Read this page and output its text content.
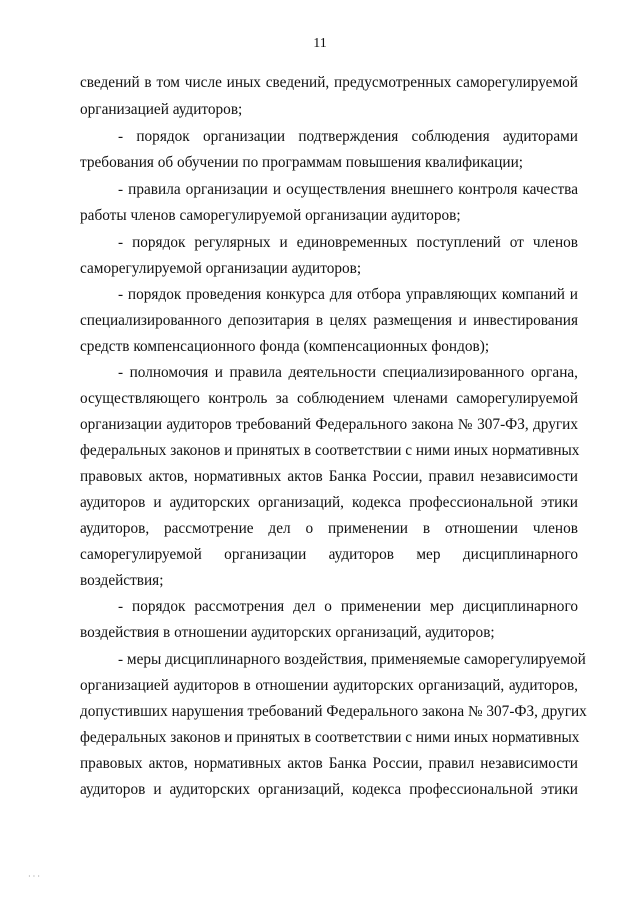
11
сведений в том числе иных сведений, предусмотренных саморегулируемой
организацией аудиторов;
- порядок организации подтверждения соблюдения аудиторами
требования об обучении по программам повышения квалификации;
- правила организации и осуществления внешнего контроля качества
работы членов саморегулируемой организации аудиторов;
- порядок регулярных и единовременных поступлений от членов
саморегулируемой организации аудиторов;
- порядок проведения конкурса для отбора управляющих компаний и
специализированного депозитария в целях размещения и инвестирования
средств компенсационного фонда (компенсационных фондов);
- полномочия и правила деятельности специализированного органа,
осуществляющего контроль за соблюдением членами саморегулируемой
организации аудиторов требований Федерального закона № 307-ФЗ, других
федеральных законов и принятых в соответствии с ними иных нормативных
правовых актов, нормативных актов Банка России, правил независимости
аудиторов и аудиторских организаций, кодекса профессиональной этики
аудиторов, рассмотрение дел о применении в отношении членов
саморегулируемой организации аудиторов мер дисциплинарного
воздействия;
- порядок рассмотрения дел о применении мер дисциплинарного
воздействия в отношении аудиторских организаций, аудиторов;
- меры дисциплинарного воздействия, применяемые саморегулируемой
организацией аудиторов в отношении аудиторских организаций, аудиторов,
допустивших нарушения требований Федерального закона № 307-ФЗ, других
федеральных законов и принятых в соответствии с ними иных нормативных
правовых актов, нормативных актов Банка России, правил независимости
аудиторов и аудиторских организаций, кодекса профессиональной этики
· · ·
